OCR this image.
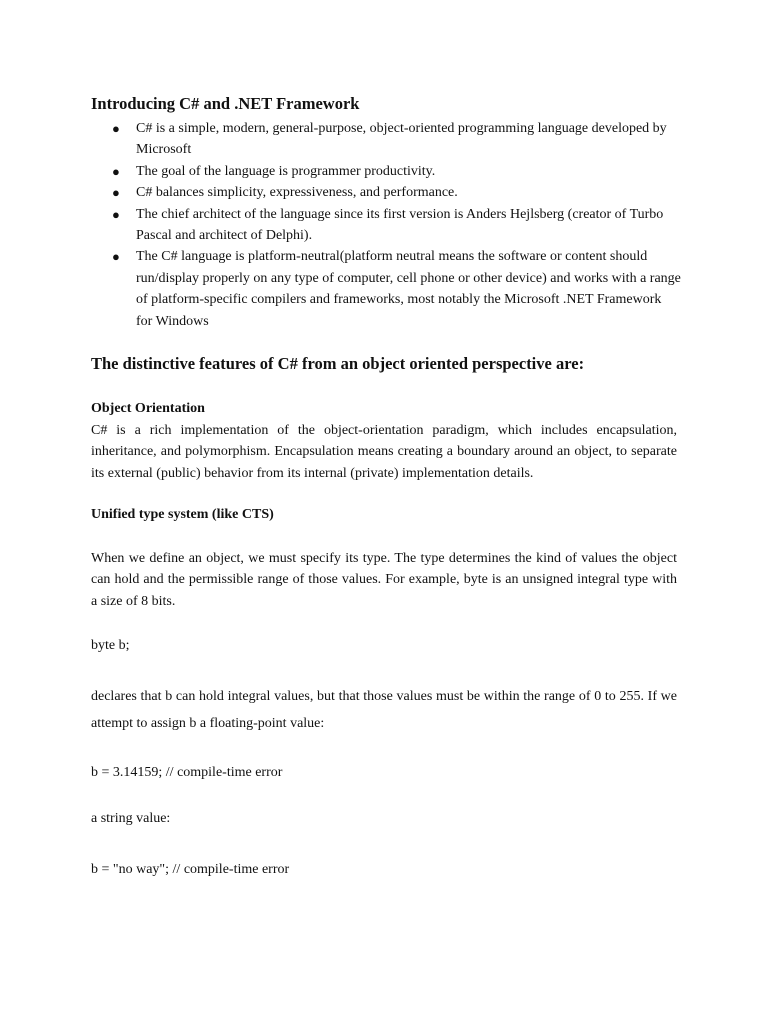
Introducing C# and .NET Framework
● C# is a simple, modern, general-purpose, object-oriented programming language developed by Microsoft
● The goal of the language is programmer productivity.
● C# balances simplicity, expressiveness, and performance.
● The chief architect of the language since its first version is Anders Hejlsberg (creator of Turbo Pascal and architect of Delphi).
● The C# language is platform-neutral(platform neutral means the software or content should run/display properly on any type of computer, cell phone or other device) and works with a range of platform-specific compilers and frameworks, most notably the Microsoft .NET Framework for Windows
The distinctive features of C# from an object oriented perspective are:
Object Orientation

C# is a rich implementation of the object-orientation paradigm, which includes encapsulation, inheritance, and polymorphism. Encapsulation means creating a boundary around an object, to separate its external (public) behavior from its internal (private) implementation details.

Unified type system (like CTS)

When we define an object, we must specify its type. The type determines the kind of values the object can hold and the permissible range of those values. For example, byte is an unsigned integral type with a size of 8 bits.

byte b;

declares that b can hold integral values, but that those values must be within the range of 0 to 255. If we attempt to assign b a floating-point value:

b = 3.14159; // compile-time error

a string value:

b = "no way"; // compile-time error
